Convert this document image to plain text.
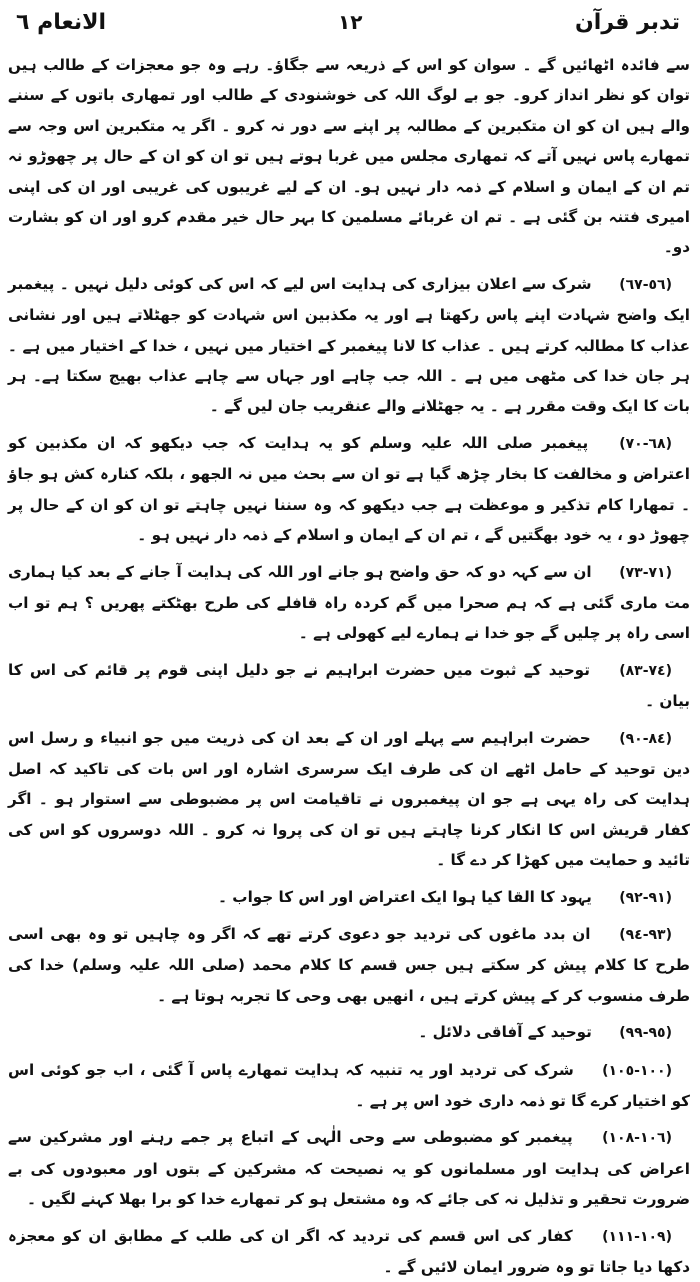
الانعام ٦	۱۲	تدبر قرآن

سے فائدہ اٹھائیں گے ۔ سوان کو اس کے ذریعہ سے جگاؤ۔ رہے وہ جو معجزات کے طالب ہیں توان کو نظر انداز کرو۔ جو بے لوگ اللہ کی خوشنودی کے طالب اور تمھاری باتوں کے سننے والے ہیں ان کو ان متکبرین کے مطالبہ پر اپنے سے دور نہ کرو ۔ اگر یہ متکبرین اس وجہ سے تمھارے پاس نہیں آتے کہ تمھاری مجلس میں غربا ہوتے ہیں تو ان کو ان کے حال پر چھوڑو نہ تم ان کے ایمان و اسلام کے ذمہ دار نہیں ہو۔ ان کے لیے غریبوں کی غریبی اور ان کی اپنی امیری فتنہ بن گئی ہے ۔ تم ان غربائے مسلمین کا بہر حال خیر مقدم کرو اور ان کو بشارت دو۔

(٥٦-٦٧) شرک سے اعلان بیزاری کی ہدایت اس لیے کہ اس کی کوئی دلیل نہیں ۔ پیغمبر ایک واضح شہادت اپنے پاس رکھتا ہے اور یہ مکذبین اس شہادت کو جھٹلاتے ہیں اور نشانی عذاب کا مطالبہ کرتے ہیں ۔ عذاب کا لانا پیغمبر کے اختیار میں نہیں ، خدا کے اختیار میں ہے ۔ ہر جان خدا کی مٹھی میں ہے ۔ اللہ جب چاہے اور جہاں سے چاہے عذاب بھیج سکتا ہے۔ ہر بات کا ایک وقت مقرر ہے ۔ یہ جھٹلانے والے عنقریب جان لیں گے ۔

(٦٨-٧٠) پیغمبر صلی اللہ علیہ وسلم کو یہ ہدایت کہ جب دیکھو کہ ان مکذبین کو اعتراض و مخالفت کا بخار چڑھ گیا ہے تو ان سے بحث میں نہ الجھو ، بلکہ کنارہ کش ہو جاؤ ۔ تمھارا کام تذکیر و موعظت ہے جب دیکھو کہ وہ سننا نہیں چاہتے تو ان کو ان کے حال پر چھوڑ دو ، یہ خود بھگتیں گے ، تم ان کے ایمان و اسلام کے ذمہ دار نہیں ہو ۔

(٧١-٧٣) ان سے کہہ دو کہ حق واضح ہو جانے اور اللہ کی ہدایت آ جانے کے بعد کیا ہماری مت ماری گئی ہے کہ ہم صحرا میں گم کردہ راہ قافلے کی طرح بھٹکتے پھریں ؟ ہم تو اب اسی راہ پر چلیں گے جو خدا نے ہمارے لیے کھولی ہے ۔

(٧٤-٨٣) توحید کے ثبوت میں حضرت ابراہیم نے جو دلیل اپنی قوم پر قائم کی اس کا بیان ۔

(٨٤-٩٠) حضرت ابراہیم سے پہلے اور ان کے بعد ان کی ذریت میں جو انبیاء و رسل اس دین توحید کے حامل اٹھے ان کی طرف ایک سرسری اشارہ اور اس بات کی تاکید کہ اصل ہدایت کی راہ یہی ہے جو ان پیغمبروں نے تاقیامت اس پر مضبوطی سے استوار ہو ۔ اگر کفار قریش اس کا انکار کرنا چاہتے ہیں تو ان کی پروا نہ کرو ۔ اللہ دوسروں کو اس کی تائید و حمایت میں کھڑا کر دے گا ۔

(٩١-٩٢) یہود کا القا کیا ہوا ایک اعتراض اور اس کا جواب ۔

(٩٣-٩٤) ان بدد ماغوں کی تردید جو دعوی کرتے تھے کہ اگر وہ چاہیں تو وہ بھی اسی طرح کا کلام پیش کر سکتے ہیں جس قسم کا کلام محمد (صلی اللہ علیہ وسلم) خدا کی طرف منسوب کر کے پیش کرتے ہیں ، انھیں بھی وحی کا تجربہ ہوتا ہے ۔

(٩٥-٩٩) توحید کے آفاقی دلائل ۔

(١٠٠-١٠٥) شرک کی تردید اور یہ تنبیہ کہ ہدایت تمھارے پاس آ گئی ، اب جو کوئی اس کو اختیار کرے گا تو ذمہ داری خود اس پر ہے ۔

(١٠٦-١٠٨) پیغمبر کو مضبوطی سے وحی الٰہی کے اتباع پر جمے رہنے اور مشرکین سے اعراض کی ہدایت اور مسلمانوں کو یہ نصیحت کہ مشرکین کے بتوں اور معبودوں کی بے ضرورت تحقیر و تذلیل نہ کی جائے کہ وہ مشتعل ہو کر تمھارے خدا کو برا بھلا کہنے لگیں ۔

(١٠٩-١١١) کفار کی اس قسم کی تردید کہ اگر ان کی طلب کے مطابق ان کو معجزہ دکھا دیا جاتا تو وہ ضرور ایمان لائیں گے ۔
